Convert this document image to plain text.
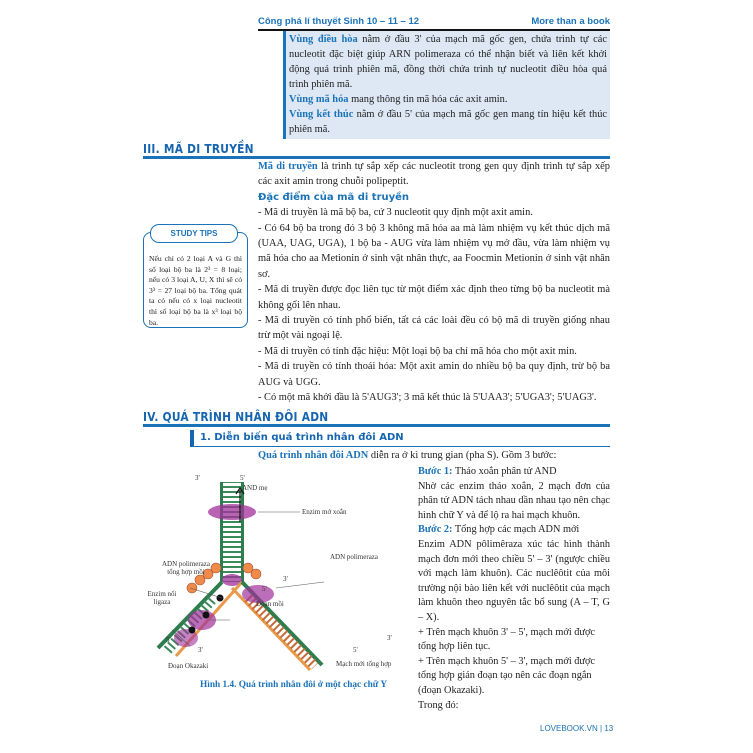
Công phá lí thuyết Sinh 10 – 11 – 12	More than a book
Vùng điều hòa nằm ở đầu 3' của mạch mã gốc gen, chứa trình tự các nucleotit đặc biệt giúp ARN polimeraza có thể nhận biết và liên kết khởi động quá trình phiên mã, đồng thời chứa trình tự nucleotit điều hòa quá trình phiên mã.
Vùng mã hóa mang thông tin mã hóa các axit amin.
Vùng kết thúc nằm ở đầu 5' của mạch mã gốc gen mang tín hiệu kết thúc phiên mã.
III. MÃ DI TRUYỀN

Mã di truyền là trình tự sắp xếp các nucleotit trong gen quy định trình tự sắp xếp các axit amin trong chuỗi polipeptit.

Đặc điểm của mã di truyền

- Mã di truyền là mã bộ ba, cứ 3 nucleotit quy định một axit amin.

- Có 64 bộ ba trong đó 3 bộ 3 không mã hóa aa mà làm nhiệm vụ kết thúc dịch mã (UAA, UAG, UGA), 1 bộ ba - AUG vừa làm nhiệm vụ mở đầu, vừa làm nhiệm vụ mã hóa cho aa Metionin ở sinh vật nhân thực, aa Foocmin Metionin ở sinh vật nhân sơ.

- Mã di truyền được đọc liên tục từ một điểm xác định theo từng bộ ba nucleotit mà không gối lên nhau.

- Mã di truyền có tính phổ biến, tất cả các loài đều có bộ mã di truyền giống nhau trừ một vài ngoại lệ.

- Mã di truyền có tính đặc hiệu: Một loại bộ ba chỉ mã hóa cho một axit min.

- Mã di truyền có tính thoái hóa: Một axit amin do nhiều bộ ba quy định, trừ bộ ba AUG và UGG.

- Có một mã khởi đầu là 5'AUG3'; 3 mã kết thúc là 5'UAA3'; 5'UGA3'; 5'UAG3'.

Nếu chỉ có 2 loại A và G thì số loại bộ ba là 2³ = 8 loại; nếu có 3 loại A, U, X thì sẽ có 3³ = 27 loại bộ ba. Tổng quát ta có nếu có x loại nucleotit thì số loại bộ ba là x³ loại bộ ba.
STUDY TIPS
IV. QUÁ TRÌNH NHÂN ĐÔI ADN
1. Diễn biến quá trình nhân đôi ADN
Quá trình nhân đôi ADN diễn ra ở kì trung gian (pha S). Gồm 3 bước:

Bước 1: Tháo xoắn phân tử AND

Nhờ các enzim tháo xoắn, 2 mạch đơn của phân tử ADN tách nhau dần nhau tạo nên chạc hình chữ Y và để lộ ra hai mạch khuôn.

Bước 2: Tổng hợp các mạch ADN mới

Enzim ADN pôlimêraza xúc tác hình thành mạch đơn mới theo chiều 5' – 3' (ngược chiều với mạch làm khuôn). Các nuclêôtit của môi trường nội bào liên kết với nuclêôtit của mạch làm khuôn theo nguyên tắc bổ sung (A – T, G – X).

+ Trên mạch khuôn 3' – 5', mạch mới được tổng hợp liên tục.

+ Trên mạch khuôn 5' – 3', mạch mới được tổng hợp gián đoạn tạo nên các đoạn ngắn (đoạn Okazaki).

Trong đó:

3'	5'
AND mẹ
Enzim mở xoắn
ADN polimeraza
ADN polimeraza tổng hợp mồi
3'
5'
Enzim nối ligaza	Đoạn mồi
5'
3'
3'
5'
Đoạn Okazaki	Mạch mới tổng hợp
Hình 1.4. Quá trình nhân đôi ở một chạc chữ Y
LOVEBOOK.VN | 13
